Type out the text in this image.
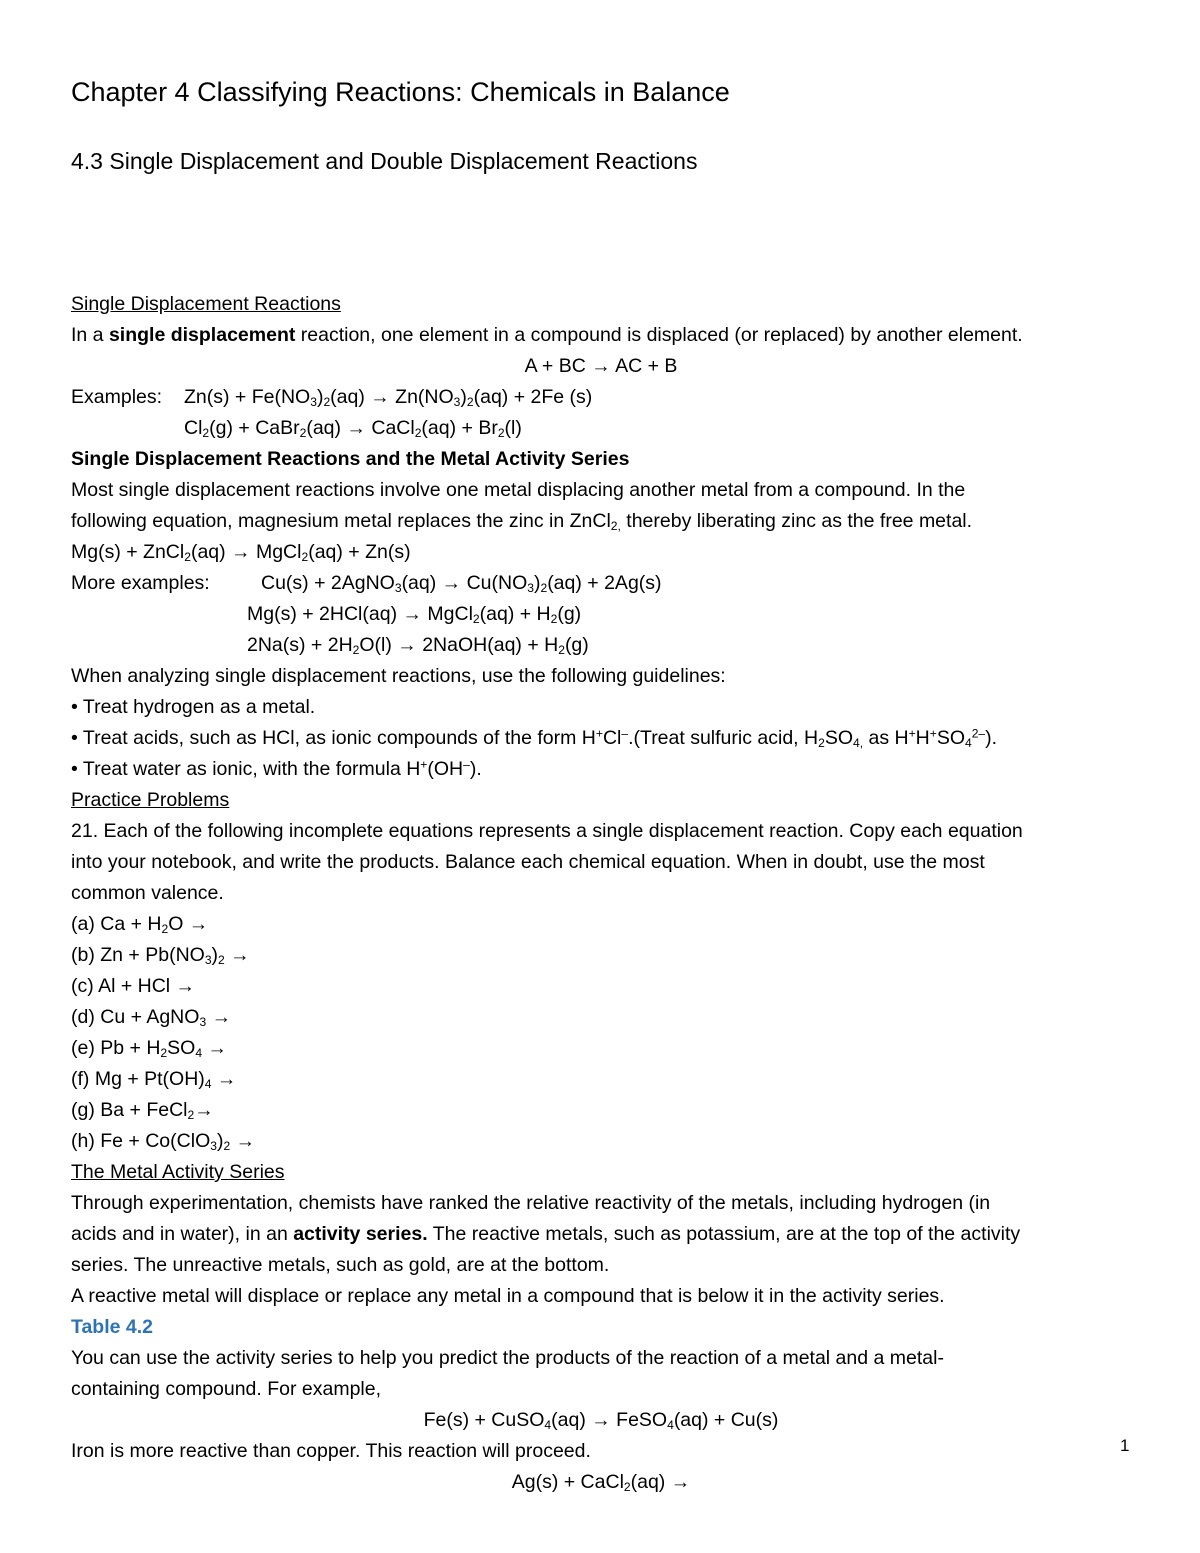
Chapter 4 Classifying Reactions: Chemicals in Balance
4.3 Single Displacement and Double Displacement Reactions
Single Displacement Reactions
In a single displacement reaction, one element in a compound is displaced (or replaced) by another element.
A + BC → AC + B
Examples: $Zn(s) + Fe(NO_3)_2(aq) \to Zn(NO_3)_2(aq) + 2Fe$ (s)
$Cl_2(g)$ + CaBr$_2$(aq) → CaCl$_2$(aq) + $Br_2(l)$
Single Displacement Reactions and the Metal Activity Series
Most single displacement reactions involve one metal displacing another metal from a compound. In the
following equation, magnesium metal replaces the zinc in ZnCl$_{2,}$ thereby liberating zinc as the free metal.
Mg(s) + ZnCl$_2$(aq) → MgCl$_2$(aq) + Zn(s)
More examples:	Cu(s) + 2AgNO$_3$(aq) → $Cu(NO_3)_2(aq) + 2Ag(s)$
Mg(s) + 2HCl(aq) → MgCl$_2$(aq) + $H_2(g)$
$2Na(s) + 2H_2O(l)$ → 2NaOH(aq) + $H_2(g)$
When analyzing single displacement reactions, use the following guidelines:
• Treat hydrogen as a metal.
• Treat acids, such as HCl, as ionic compounds of the form H+Cl–.(Treat sulfuric acid, $H_2SO_{4,}$ as $H^+H^+SO_4^{2-}$).
• Treat water as ionic, with the formula H+(OH–).
Practice Problems
21. Each of the following incomplete equations represents a single displacement reaction. Copy each equation
into your notebook, and write the products. Balance each chemical equation. When in doubt, use the most
common valence.
(a) $Ca + H_2O$ →
(b) $Zn + Pb(NO_3)_2$ →
(c) Al + HCl →
(d) Cu + AgNO$_3$ →
(e) $Pb + H_2SO_4$ →
(f) $Mg + Pt(OH)_4$ →
(g) Ba + FeCl$_2$→
(h) $Fe + Co(ClO_3)_2$ →
The Metal Activity Series
Through experimentation, chemists have ranked the relative reactivity of the metals, including hydrogen (in
acids and in water), in an activity series. The reactive metals, such as potassium, are at the top of the activity
series. The unreactive metals, such as gold, are at the bottom.
A reactive metal will displace or replace any metal in a compound that is below it in the activity series.
Table 4.2
You can use the activity series to help you predict the products of the reaction of a metal and a metal-
containing compound. For example,
Fe(s) + CuSO$_4$(aq) → FeSO$_4$(aq) + Cu(s)
Iron is more reactive than copper. This reaction will proceed.
Ag(s) + CaCl$_2$(aq) →
1
